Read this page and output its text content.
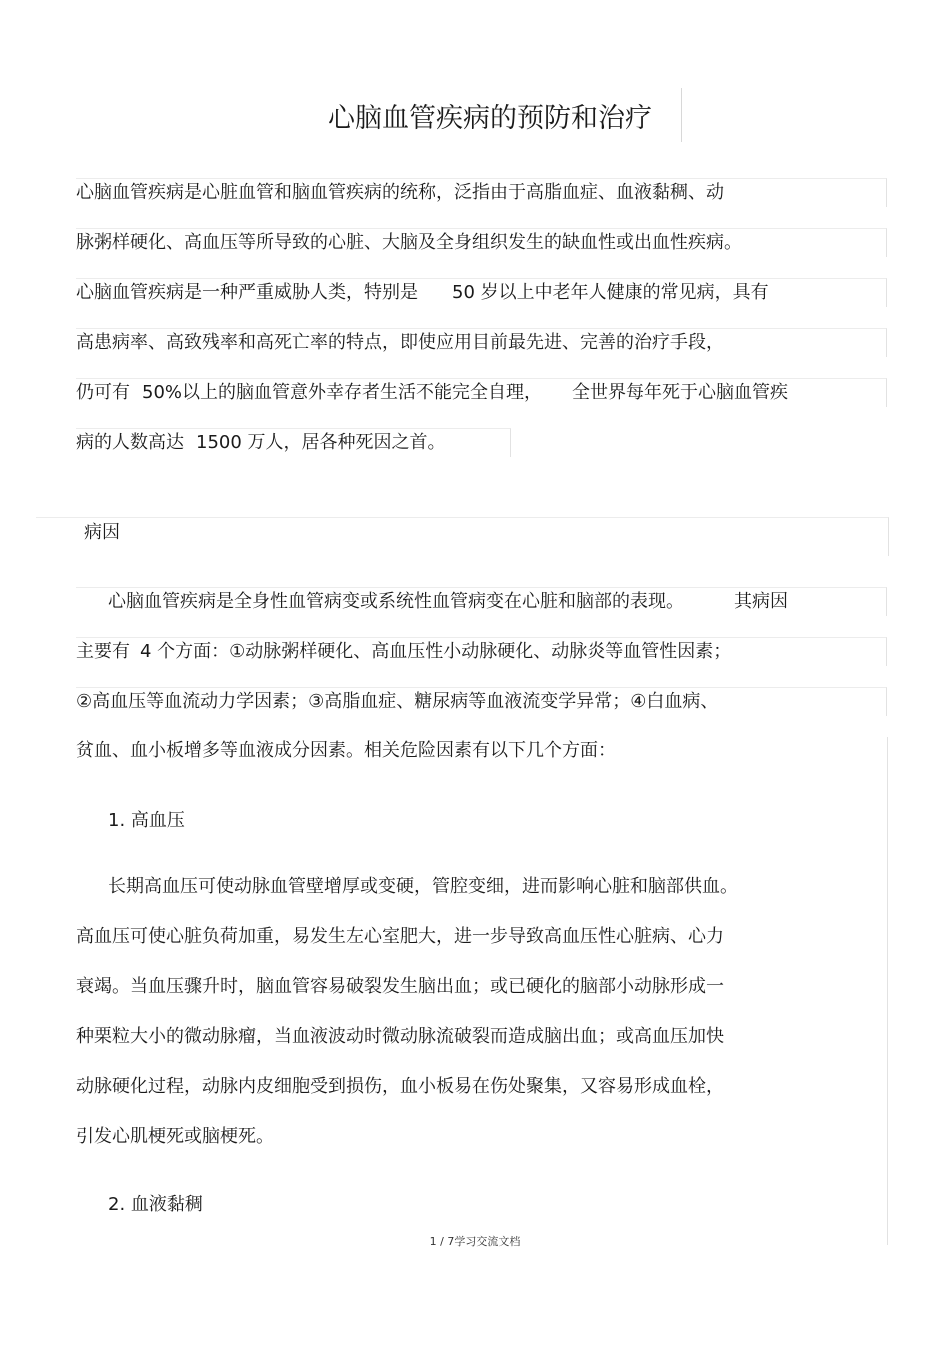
心脑血管疾病的预防和治疗
心脑血管疾病是心脏血管和脑血管疾病的统称，泛指由于高脂血症、血液黏稠、动
脉粥样硬化、高血压等所导致的心脏、大脑及全身组织发生的缺血性或出血性疾病。
心脑血管疾病是一种严重威胁人类，特别是 50 岁以上中老年人健康的常见病，具有
高患病率、高致残率和高死亡率的特点，即使应用目前最先进、完善的治疗手段，
仍可有 50%以上的脑血管意外幸存者生活不能完全自理， 全世界每年死于心脑血管疾
病的人数高达 1500 万人，居各种死因之首。
病因
心脑血管疾病是全身性血管病变或系统性血管病变在心脏和脑部的表现。	其病因
主要有 4 个方面：①动脉粥样硬化、高血压性小动脉硬化、动脉炎等血管性因素；
②高血压等血流动力学因素；③高脂血症、糖尿病等血液流变学异常；④白血病、
贫血、血小板增多等血液成分因素。相关危险因素有以下几个方面：
1. 高血压
长期高血压可使动脉血管壁增厚或变硬，管腔变细，进而影响心脏和脑部供血。
高血压可使心脏负荷加重，易发生左心室肥大，进一步导致高血压性心脏病、心力
衰竭。当血压骤升时，脑血管容易破裂发生脑出血；或已硬化的脑部小动脉形成一
种栗粒大小的微动脉瘤，当血液波动时微动脉流破裂而造成脑出血；或高血压加快
动脉硬化过程，动脉内皮细胞受到损伤，血小板易在伤处聚集，又容易形成血栓，
引发心肌梗死或脑梗死。
2. 血液黏稠
1 / 7学习交流文档
